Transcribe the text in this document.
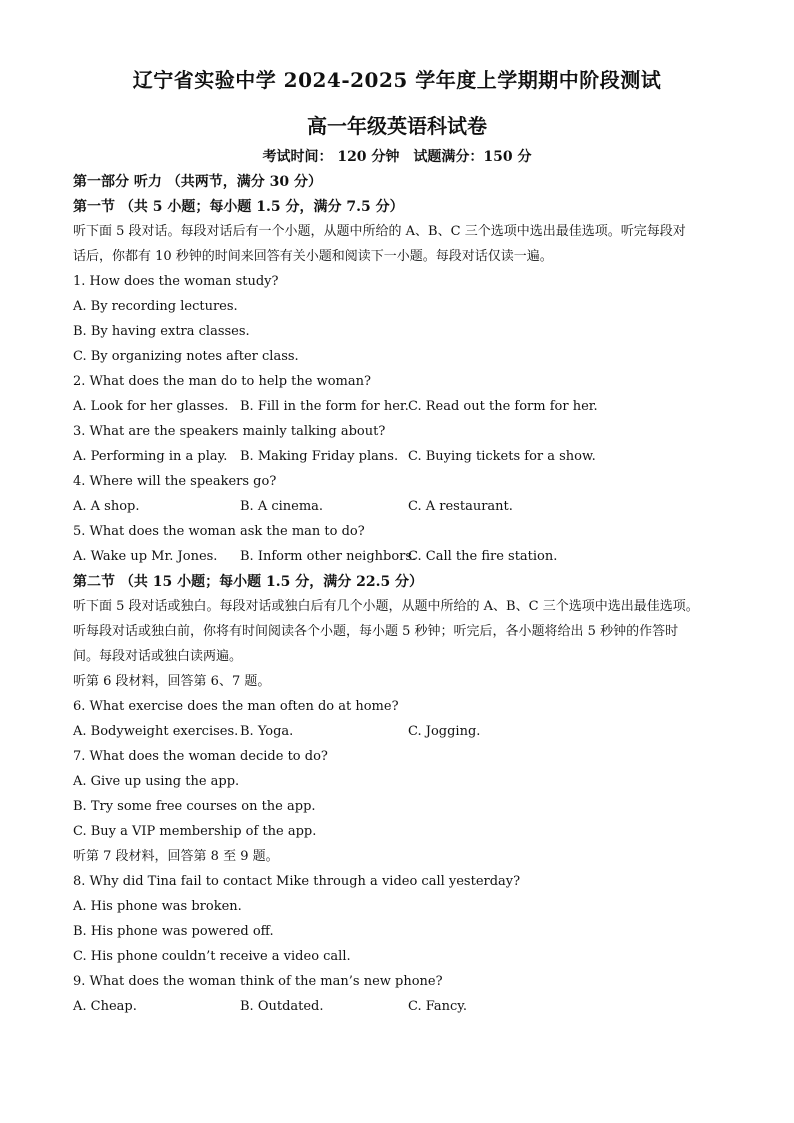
辽宁省实验中学 2024-2025 学年度上学期期中阶段测试
高一年级英语科试卷
考试时间： 120 分钟　试题满分：150 分
第一部分 听力 （共两节，满分 30 分）
第一节 （共 5 小题；每小题 1.5 分，满分 7.5 分）
听下面 5 段对话。每段对话后有一个小题，从题中所给的 A、B、C 三个选项中选出最佳选项。听完每段对
话后，你都有 10 秒钟的时间来回答有关小题和阅读下一小题。每段对话仅读一遍。
1. How does the woman study?
A. By recording lectures.
B. By having extra classes.
C. By organizing notes after class.
2. What does the man do to help the woman?
A. Look for her glasses. B. Fill in the form for her. C. Read out the form for her.
3. What are the speakers mainly talking about?
A. Performing in a play. B. Making Friday plans. C. Buying tickets for a show.
4. Where will the speakers go?
A. A shop.	B. A cinema.	C. A restaurant.
5. What does the woman ask the man to do?
A. Wake up Mr. Jones. B. Inform other neighbors.
C. Call the fire station.
第二节 （共 15 小题；每小题 1.5 分，满分 22.5 分）
听下面 5 段对话或独白。每段对话或独白后有几个小题，从题中所给的 A、B、C 三个选项中选出最佳选项。
听每段对话或独白前，你将有时间阅读各个小题，每小题 5 秒钟；听完后，各小题将给出 5 秒钟的作答时
间。每段对话或独白读两遍。
听第 6 段材料，回答第 6、7 题。
6. What exercise does the man often do at home?
A. Bodyweight exercises. B. Yoga.	C. Jogging.
7. What does the woman decide to do?
A. Give up using the app.
B. Try some free courses on the app.
C. Buy a VIP membership of the app.
听第 7 段材料，回答第 8 至 9 题。
8. Why did Tina fail to contact Mike through a video call yesterday?
A. His phone was broken.
B. His phone was powered off.
C. His phone couldn’t receive a video call.
9. What does the woman think of the man’s new phone?
A. Cheap.	B. Outdated.	C. Fancy.
